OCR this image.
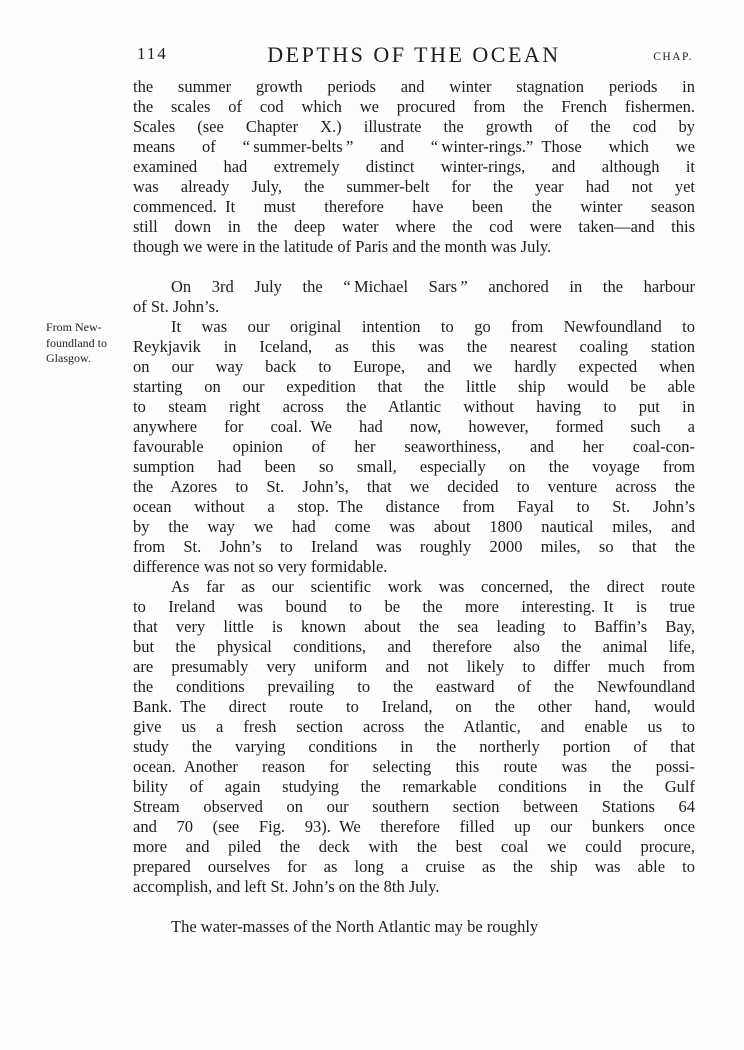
114	DEPTHS OF THE OCEAN	CHAP.
From New-
foundland to
Glasgow.
the summer growth periods and winter stagnation periods in
the scales of cod which we procured from the French fishermen.
Scales (see Chapter X.) illustrate the growth of the cod by
means of “ summer-belts ” and “ winter-rings.” Those which we
examined had extremely distinct winter-rings, and although it
was already July, the summer-belt for the year had not yet
commenced. It must therefore have been the winter season
still down in the deep water where the cod were taken—and this
though we were in the latitude of Paris and the month was July.
On 3rd July the “ Michael Sars ” anchored in the harbour
of St. John’s.
It was our original intention to go from Newfoundland to
Reykjavik in Iceland, as this was the nearest coaling station
on our way back to Europe, and we hardly expected when
starting on our expedition that the little ship would be able
to steam right across the Atlantic without having to put in
anywhere for coal. We had now, however, formed such a
favourable opinion of her seaworthiness, and her coal-con-
sumption had been so small, especially on the voyage from
the Azores to St. John’s, that we decided to venture across the
ocean without a stop. The distance from Fayal to St. John’s
by the way we had come was about 1800 nautical miles, and
from St. John’s to Ireland was roughly 2000 miles, so that the
difference was not so very formidable.
As far as our scientific work was concerned, the direct route
to Ireland was bound to be the more interesting. It is true
that very little is known about the sea leading to Baffin’s Bay,
but the physical conditions, and therefore also the animal life,
are presumably very uniform and not likely to differ much from
the conditions prevailing to the eastward of the Newfoundland
Bank. The direct route to Ireland, on the other hand, would
give us a fresh section across the Atlantic, and enable us to
study the varying conditions in the northerly portion of that
ocean. Another reason for selecting this route was the possi-
bility of again studying the remarkable conditions in the Gulf
Stream observed on our southern section between Stations 64
and 70 (see Fig. 93). We therefore filled up our bunkers once
more and piled the deck with the best coal we could procure,
prepared ourselves for as long a cruise as the ship was able to
accomplish, and left St. John’s on the 8th July.
The water-masses of the North Atlantic may be roughly
